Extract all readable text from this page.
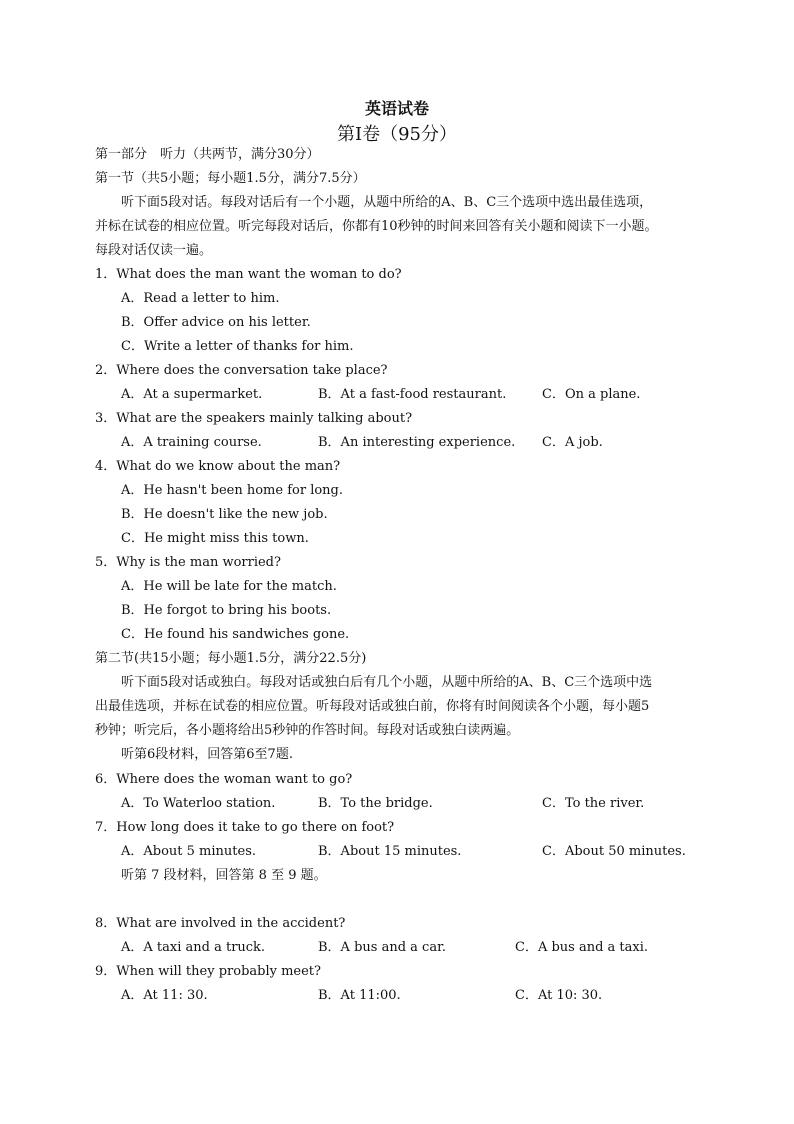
英语试卷
第Ⅰ卷（95分）
第一部分　听力（共两节，满分30分）
第一节（共5小题；每小题1.5分，满分7.5分）
听下面5段对话。每段对话后有一个小题，从题中所给的A、B、C三个选项中选出最佳选项，
并标在试卷的相应位置。听完每段对话后，你都有10秒钟的时间来回答有关小题和阅读下一小题。
每段对话仅读一遍。
1．What does the man want the woman to do?
A．Read a letter to him.
B．Offer advice on his letter.
C．Write a letter of thanks for him.
2．Where does the conversation take place?
A．At a supermarket.	B．At a fast-food restaurant.	C．On a plane.
3．What are the speakers mainly talking about?
A．A training course.	B．An interesting experience. C．A job.
4．What do we know about the man?
A．He hasn't been home for long.
B．He doesn't like the new job.
C．He might miss this town.
5．Why is the man worried?
A．He will be late for the match.
B．He forgot to bring his boots.
C．He found his sandwiches gone.
第二节(共15小题；每小题1.5分，满分22.5分)
听下面5段对话或独白。每段对话或独白后有几个小题，从题中所给的A、B、C三个选项中选
出最佳选项，并标在试卷的相应位置。听每段对话或独白前，你将有时间阅读各个小题，每小题5
秒钟；听完后，各小题将给出5秒钟的作答时间。每段对话或独白读两遍。
听第6段材料，回答第6至7题.
6．Where does the woman want to go?
A．To Waterloo station.	B．To the bridge.	C．To the river.
7．How long does it take to go there on foot?
A．About 5 minutes.	B．About 15 minutes.	C．About 50 minutes.
听第 7 段材料，回答第 8 至 9 题。
8．What are involved in the accident?
A．A taxi and a truck.	B．A bus and a car.	C．A bus and a taxi.
9．When will they probably meet?
A．At 11: 30.	B．At 11:00.	C．At 10: 30.
